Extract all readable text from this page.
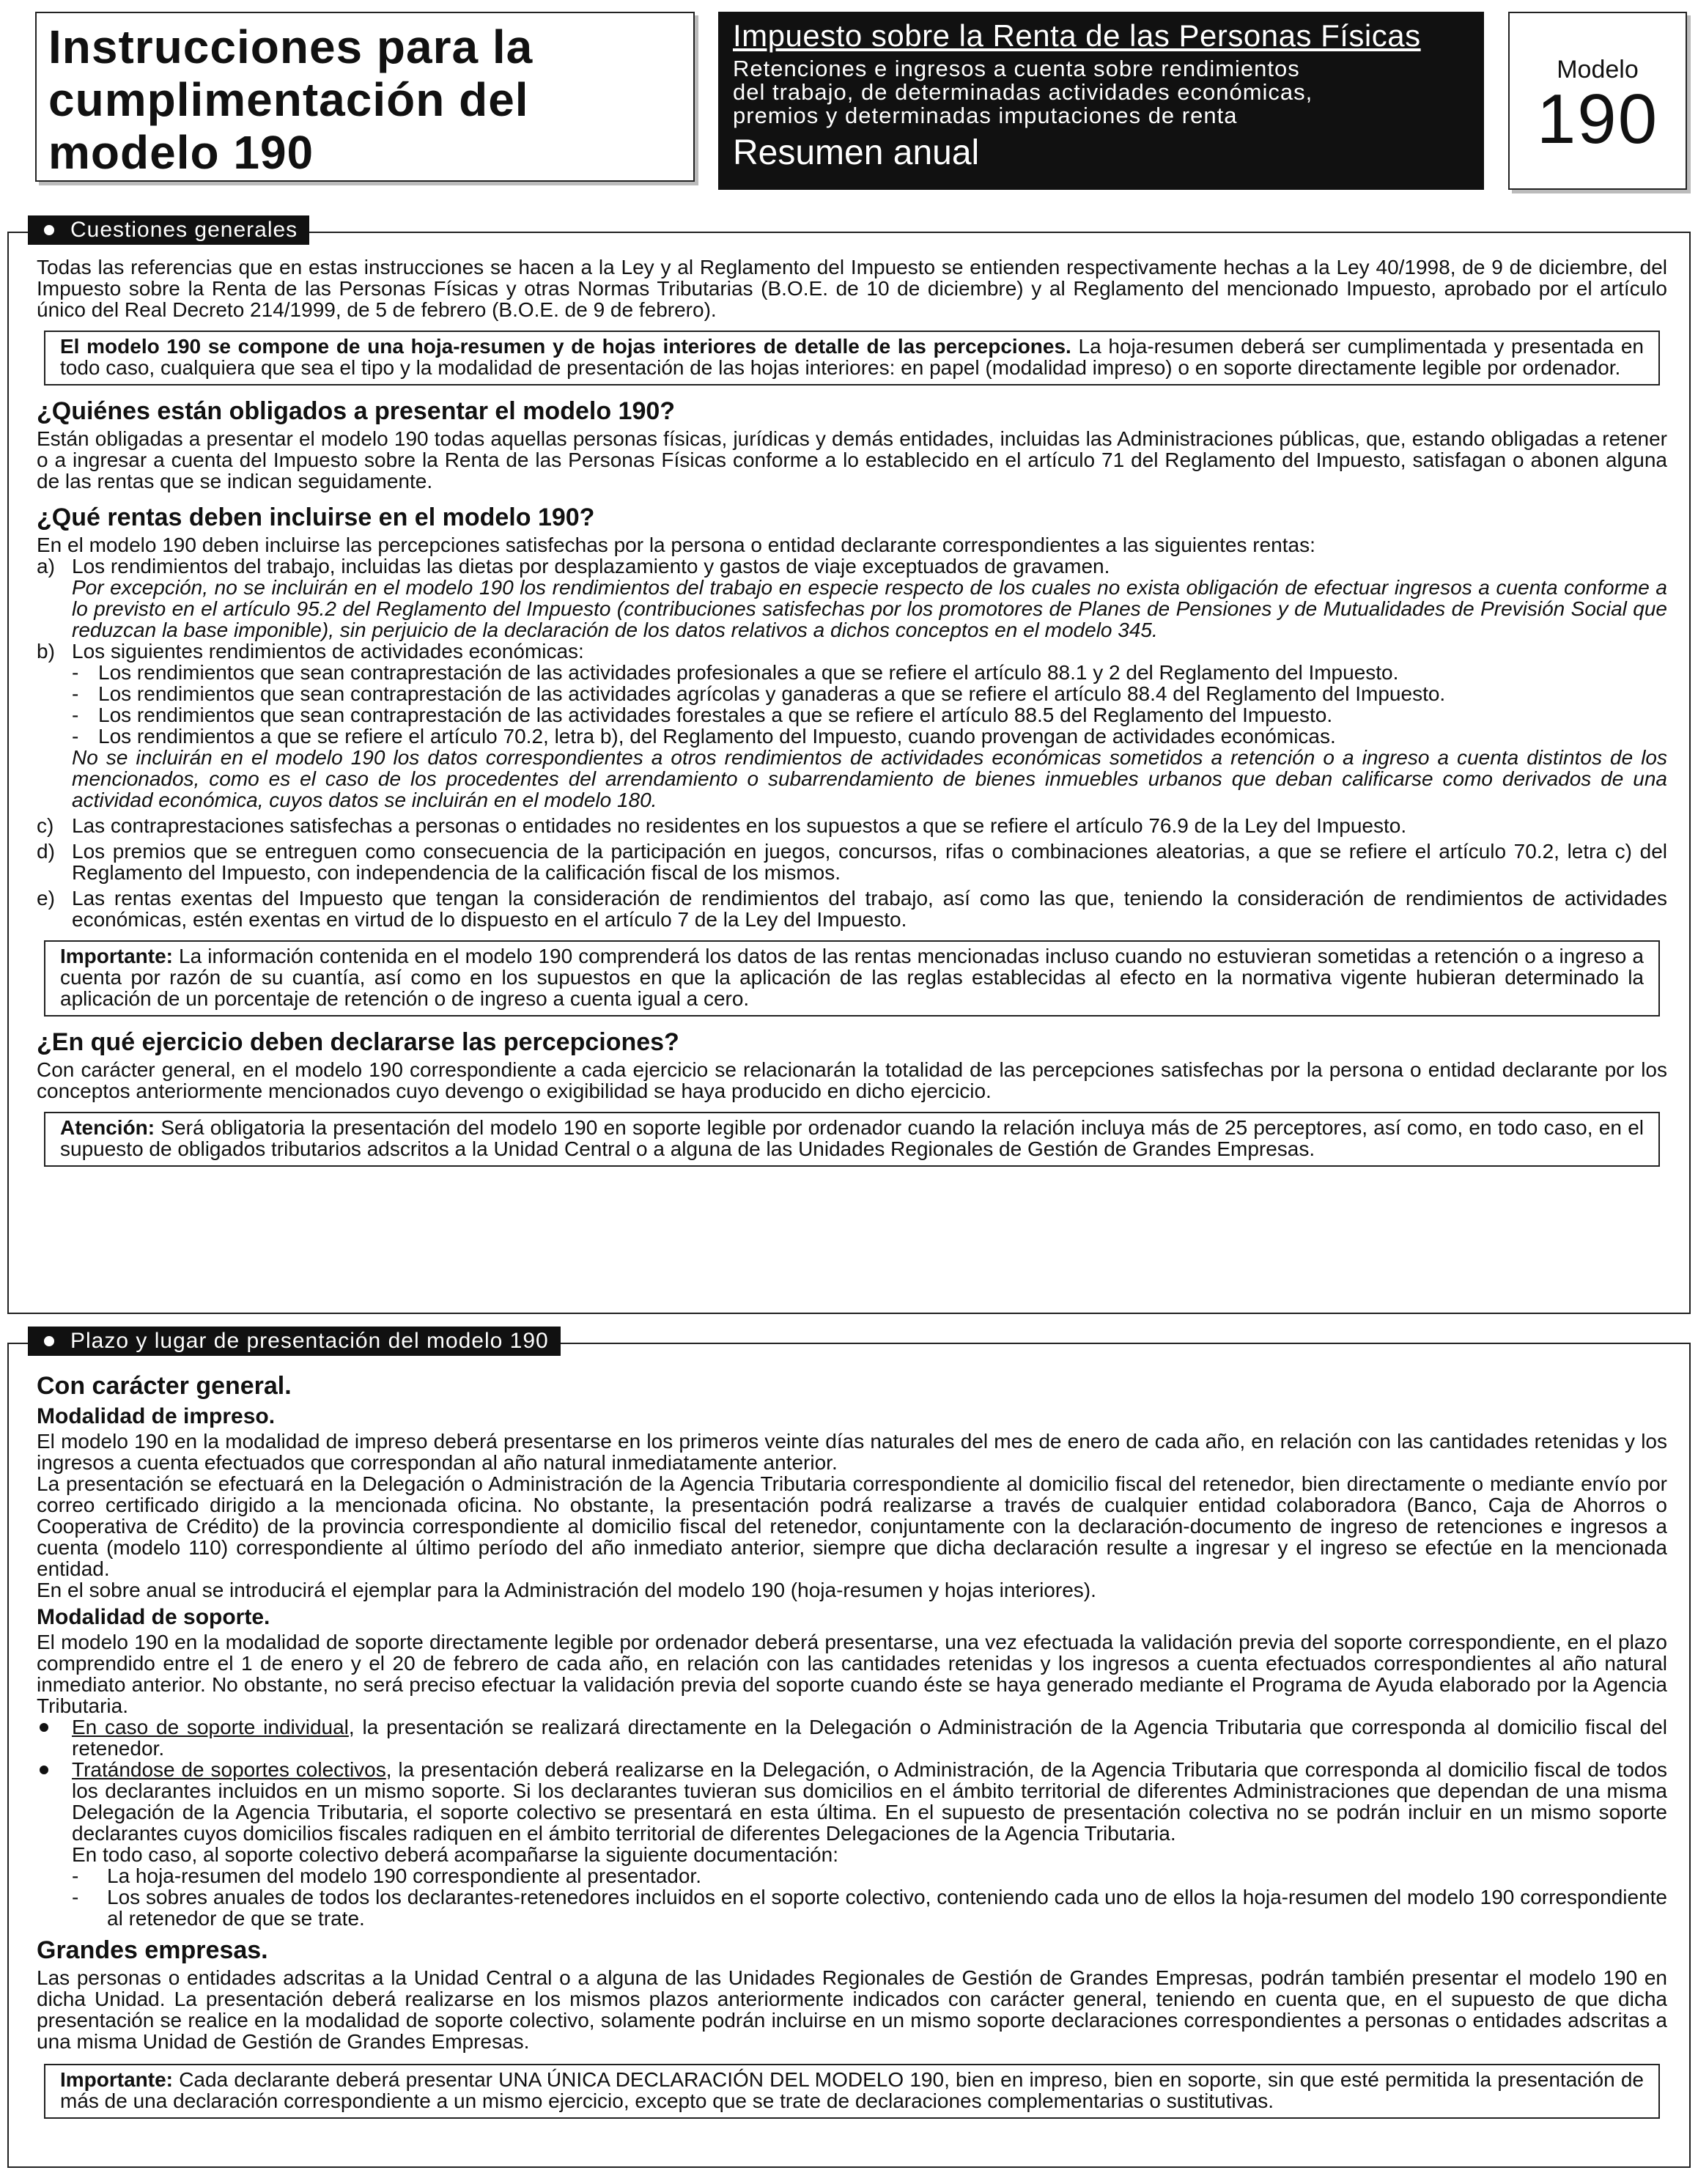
Instrucciones para la
cumplimentación del
modelo 190
Impuesto sobre la Renta de las Personas Físicas
Retenciones e ingresos a cuenta sobre rendimientos
del trabajo, de determinadas actividades económicas,
premios y determinadas imputaciones de renta
Resumen anual
Modelo
190
Cuestiones generales

Todas las referencias que en estas instrucciones se hacen a la Ley y al Reglamento del Impuesto se entienden respectivamente hechas a la Ley 40/1998, de 9 de diciembre, del Impuesto sobre la Renta de las Personas Físicas y otras Normas Tributarias (B.O.E. de 10 de diciembre) y al Reglamento del mencionado Impuesto, aprobado por el artículo único del Real Decreto 214/1999, de 5 de febrero (B.O.E. de 9 de febrero).

El modelo 190 se compone de una hoja-resumen y de hojas interiores de detalle de las percepciones. La hoja-resumen deberá ser cumplimentada y presentada en todo caso, cualquiera que sea el tipo y la modalidad de presentación de las hojas interiores: en papel (modalidad impreso) o en soporte directamente legible por ordenador.

¿Quiénes están obligados a presentar el modelo 190?

Están obligadas a presentar el modelo 190 todas aquellas personas físicas, jurídicas y demás entidades, incluidas las Administraciones públicas, que, estando obligadas a retener o a ingresar a cuenta del Impuesto sobre la Renta de las Personas Físicas conforme a lo establecido en el artículo 71 del Reglamento del Impuesto, satisfagan o abonen alguna de las rentas que se indican seguidamente.

¿Qué rentas deben incluirse en el modelo 190?

En el modelo 190 deben incluirse las percepciones satisfechas por la persona o entidad declarante correspondientes a las siguientes rentas:

a) Los rendimientos del trabajo, incluidas las dietas por desplazamiento y gastos de viaje exceptuados de gravamen.

Por excepción, no se incluirán en el modelo 190 los rendimientos del trabajo en especie respecto de los cuales no exista obligación de efectuar ingresos a cuenta conforme a lo previsto en el artículo 95.2 del Reglamento del Impuesto (contribuciones satisfechas por los promotores de Planes de Pensiones y de Mutualidades de Previsión Social que reduzcan la base imponible), sin perjuicio de la declaración de los datos relativos a dichos conceptos en el modelo 345.

b) Los siguientes rendimientos de actividades económicas:

- Los rendimientos que sean contraprestación de las actividades profesionales a que se refiere el artículo 88.1 y 2 del Reglamento del Impuesto.

- Los rendimientos que sean contraprestación de las actividades agrícolas y ganaderas a que se refiere el artículo 88.4 del Reglamento del Impuesto.

- Los rendimientos que sean contraprestación de las actividades forestales a que se refiere el artículo 88.5 del Reglamento del Impuesto.

- Los rendimientos a que se refiere el artículo 70.2, letra b), del Reglamento del Impuesto, cuando provengan de actividades económicas.

No se incluirán en el modelo 190 los datos correspondientes a otros rendimientos de actividades económicas sometidos a retención o a ingreso a cuenta distintos de los mencionados, como es el caso de los procedentes del arrendamiento o subarrendamiento de bienes inmuebles urbanos que deban calificarse como derivados de una actividad económica, cuyos datos se incluirán en el modelo 180.

c) Las contraprestaciones satisfechas a personas o entidades no residentes en los supuestos a que se refiere el artículo 76.9 de la Ley del Impuesto.

d) Los premios que se entreguen como consecuencia de la participación en juegos, concursos, rifas o combinaciones aleatorias, a que se refiere el artículo 70.2, letra c) del Reglamento del Impuesto, con independencia de la calificación fiscal de los mismos.

e) Las rentas exentas del Impuesto que tengan la consideración de rendimientos del trabajo, así como las que, teniendo la consideración de rendimientos de actividades económicas, estén exentas en virtud de lo dispuesto en el artículo 7 de la Ley del Impuesto.

Importante: La información contenida en el modelo 190 comprenderá los datos de las rentas mencionadas incluso cuando no estuvieran sometidas a retención o a ingreso a cuenta por razón de su cuantía, así como en los supuestos en que la aplicación de las reglas establecidas al efecto en la normativa vigente hubieran determinado la aplicación de un porcentaje de retención o de ingreso a cuenta igual a cero.

¿En qué ejercicio deben declararse las percepciones?

Con carácter general, en el modelo 190 correspondiente a cada ejercicio se relacionarán la totalidad de las percepciones satisfechas por la persona o entidad declarante por los conceptos anteriormente mencionados cuyo devengo o exigibilidad se haya producido en dicho ejercicio.

Atención: Será obligatoria la presentación del modelo 190 en soporte legible por ordenador cuando la relación incluya más de 25 perceptores, así como, en todo caso, en el supuesto de obligados tributarios adscritos a la Unidad Central o a alguna de las Unidades Regionales de Gestión de Grandes Empresas.

Plazo y lugar de presentación del modelo 190
Con carácter general.
Modalidad de impreso.

El modelo 190 en la modalidad de impreso deberá presentarse en los primeros veinte días naturales del mes de enero de cada año, en relación con las cantidades retenidas y los ingresos a cuenta efectuados que correspondan al año natural inmediatamente anterior.

La presentación se efectuará en la Delegación o Administración de la Agencia Tributaria correspondiente al domicilio fiscal del retenedor, bien directamente o mediante envío por correo certificado dirigido a la mencionada oficina. No obstante, la presentación podrá realizarse a través de cualquier entidad colaboradora (Banco, Caja de Ahorros o Cooperativa de Crédito) de la provincia correspondiente al domicilio fiscal del retenedor, conjuntamente con la declaración-documento de ingreso de retenciones e ingresos a cuenta (modelo 110) correspondiente al último período del año inmediato anterior, siempre que dicha declaración resulte a ingresar y el ingreso se efectúe en la mencionada entidad.

En el sobre anual se introducirá el ejemplar para la Administración del modelo 190 (hoja-resumen y hojas interiores).

Modalidad de soporte.

El modelo 190 en la modalidad de soporte directamente legible por ordenador deberá presentarse, una vez efectuada la validación previa del soporte correspondiente, en el plazo comprendido entre el 1 de enero y el 20 de febrero de cada año, en relación con las cantidades retenidas y los ingresos a cuenta efectuados correspondientes al año natural inmediato anterior. No obstante, no será preciso efectuar la validación previa del soporte cuando éste se haya generado mediante el Programa de Ayuda elaborado por la Agencia Tributaria.

En caso de soporte individual, la presentación se realizará directamente en la Delegación o Administración de la Agencia Tributaria que corresponda al domicilio fiscal del retenedor.

Tratándose de soportes colectivos, la presentación deberá realizarse en la Delegación, o Administración, de la Agencia Tributaria que corresponda al domicilio fiscal de todos los declarantes incluidos en un mismo soporte. Si los declarantes tuvieran sus domicilios en el ámbito territorial de diferentes Administraciones que dependan de una misma Delegación de la Agencia Tributaria, el soporte colectivo se presentará en esta última. En el supuesto de presentación colectiva no se podrán incluir en un mismo soporte declarantes cuyos domicilios fiscales radiquen en el ámbito territorial de diferentes Delegaciones de la Agencia Tributaria.

En todo caso, al soporte colectivo deberá acompañarse la siguiente documentación:

- La hoja-resumen del modelo 190 correspondiente al presentador.

- Los sobres anuales de todos los declarantes-retenedores incluidos en el soporte colectivo, conteniendo cada uno de ellos la hoja-resumen del modelo 190 correspondiente al retenedor de que se trate.

Grandes empresas.

Las personas o entidades adscritas a la Unidad Central o a alguna de las Unidades Regionales de Gestión de Grandes Empresas, podrán también presentar el modelo 190 en dicha Unidad. La presentación deberá realizarse en los mismos plazos anteriormente indicados con carácter general, teniendo en cuenta que, en el supuesto de que dicha presentación se realice en la modalidad de soporte colectivo, solamente podrán incluirse en un mismo soporte declaraciones correspondientes a personas o entidades adscritas a una misma Unidad de Gestión de Grandes Empresas.

Importante: Cada declarante deberá presentar UNA ÚNICA DECLARACIÓN DEL MODELO 190, bien en impreso, bien en soporte, sin que esté permitida la presentación de más de una declaración correspondiente a un mismo ejercicio, excepto que se trate de declaraciones complementarias o sustitutivas.
